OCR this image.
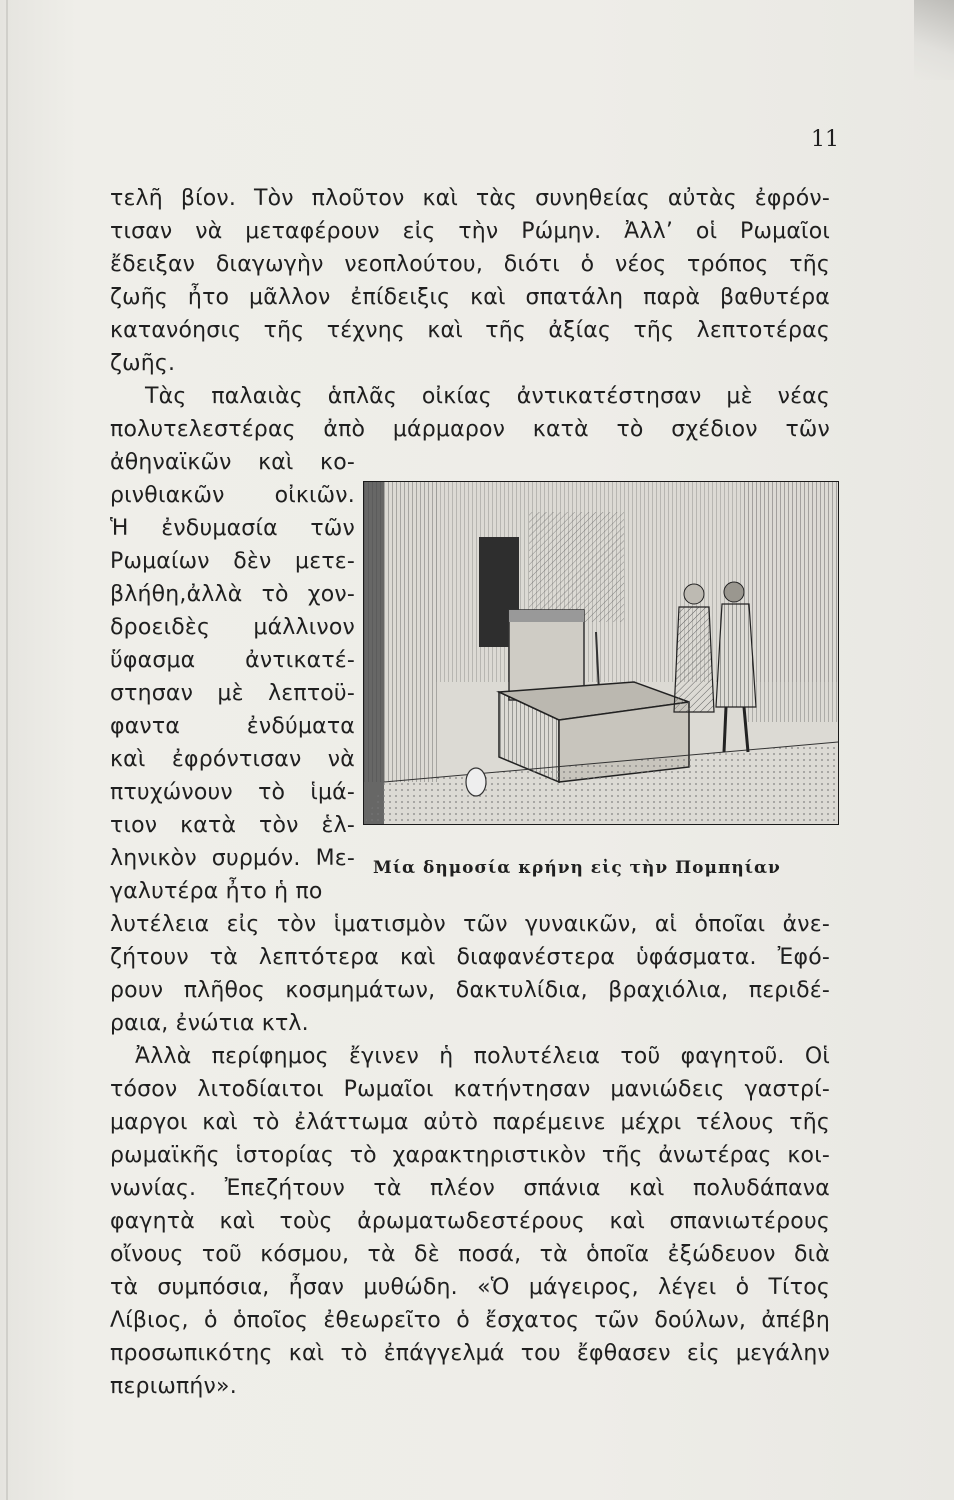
11
τελῆ βίον. Τὸν πλοῦτον καὶ τὰς συνηθείας αὐτὰς ἐφρόν-
τισαν νὰ μεταφέρουν εἰς τὴν Ρώμην. Ἀλλ’ οἱ Ρωμαῖοι
ἔδειξαν διαγωγὴν νεοπλούτου, διότι ὁ νέος τρόπος τῆς
ζωῆς ἦτο μᾶλλον ἐπίδειξις καὶ σπατάλη παρὰ βαθυτέρα
κατανόησις τῆς τέχνης καὶ τῆς ἀξίας τῆς λεπτοτέρας
ζωῆς.
Τὰς παλαιὰς ἁπλᾶς οἰκίας ἀντικατέστησαν μὲ νέας
πολυτελεστέρας ἀπὸ μάρμαρον κατὰ τὸ σχέδιον τῶν
ἀθηναϊκῶν καὶ κο-
ρινθιακῶν οἰκιῶν.
Ἡ ἐνδυμασία τῶν
Ρωμαίων δὲν μετε-
βλήθη,ἀλλὰ τὸ χον-
δροειδὲς μάλλινον
ὕφασμα ἀντικατέ-
στησαν μὲ λεπτοϋ-
φαντα ἐνδύματα
καὶ ἐφρόντισαν νὰ
πτυχώνουν τὸ ἱμά-
τιον κατὰ τὸν ἑλ-
ληνικὸν συρμόν. Με-
γαλυτέρα ἦτο ἡ πο
Μία δημοσία κρήνη εἰς τὴν Πομπηίαν
λυτέλεια εἰς τὸν ἱματισμὸν τῶν γυναικῶν, αἱ ὁποῖαι ἀνε-
ζήτουν τὰ λεπτότερα καὶ διαφανέστερα ὑφάσματα. Ἐφό-
ρουν πλῆθος κοσμημάτων, δακτυλίδια, βραχιόλια, περιδέ-
ραια, ἐνώτια κτλ.
Ἀλλὰ περίφημος ἔγινεν ἡ πολυτέλεια τοῦ φαγητοῦ. Οἱ
τόσον λιτοδίαιτοι Ρωμαῖοι κατήντησαν μανιώδεις γαστρί-
μαργοι καὶ τὸ ἐλάττωμα αὐτὸ παρέμεινε μέχρι τέλους τῆς
ρωμαϊκῆς ἱστορίας τὸ χαρακτηριστικὸν τῆς ἀνωτέρας κοι-
νωνίας. Ἐπεζήτουν τὰ πλέον σπάνια καὶ πολυδάπανα
φαγητὰ καὶ τοὺς ἀρωματωδεστέρους καὶ σπανιωτέρους
οἴνους τοῦ κόσμου, τὰ δὲ ποσά, τὰ ὁποῖα ἐξώδευον διὰ
τὰ συμπόσια, ἦσαν μυθώδη. «Ὁ μάγειρος, λέγει ὁ Τίτος
Λίβιος, ὁ ὁποῖος ἐθεωρεῖτο ὁ ἔσχατος τῶν δούλων, ἀπέβη
προσωπικότης καὶ τὸ ἐπάγγελμά του ἔφθασεν εἰς μεγάλην
περιωπήν».
